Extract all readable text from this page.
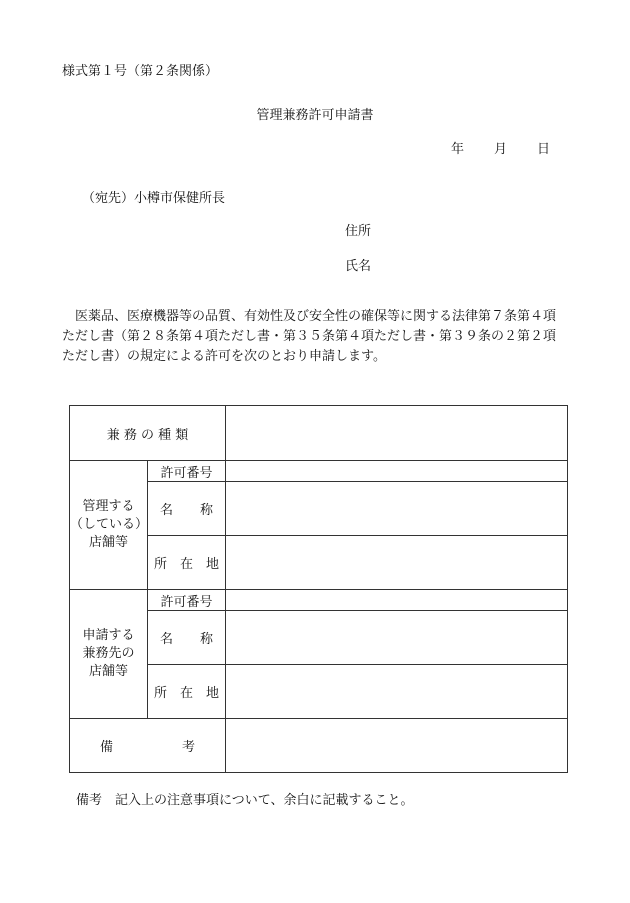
様式第１号（第２条関係）
管理兼務許可申請書
年 月 日
（宛先）小樽市保健所長
住所
氏名
医薬品、医療機器等の品質、有効性及び安全性の確保等に関する法律第７条第４項
ただし書（第２８条第４項ただし書・第３５条第４項ただし書・第３９条の２第２項
ただし書）の規定による許可を次のとおり申請します。
兼 務 の 種 類		

管理する
（している）
店舗等	許可番号	

	名 称	

	所 在 地	

申請する
兼務先の
店舗等	許可番号	

	名 称	

	所 在 地	

備 考		

備考　記入上の注意事項について、余白に記載すること。
